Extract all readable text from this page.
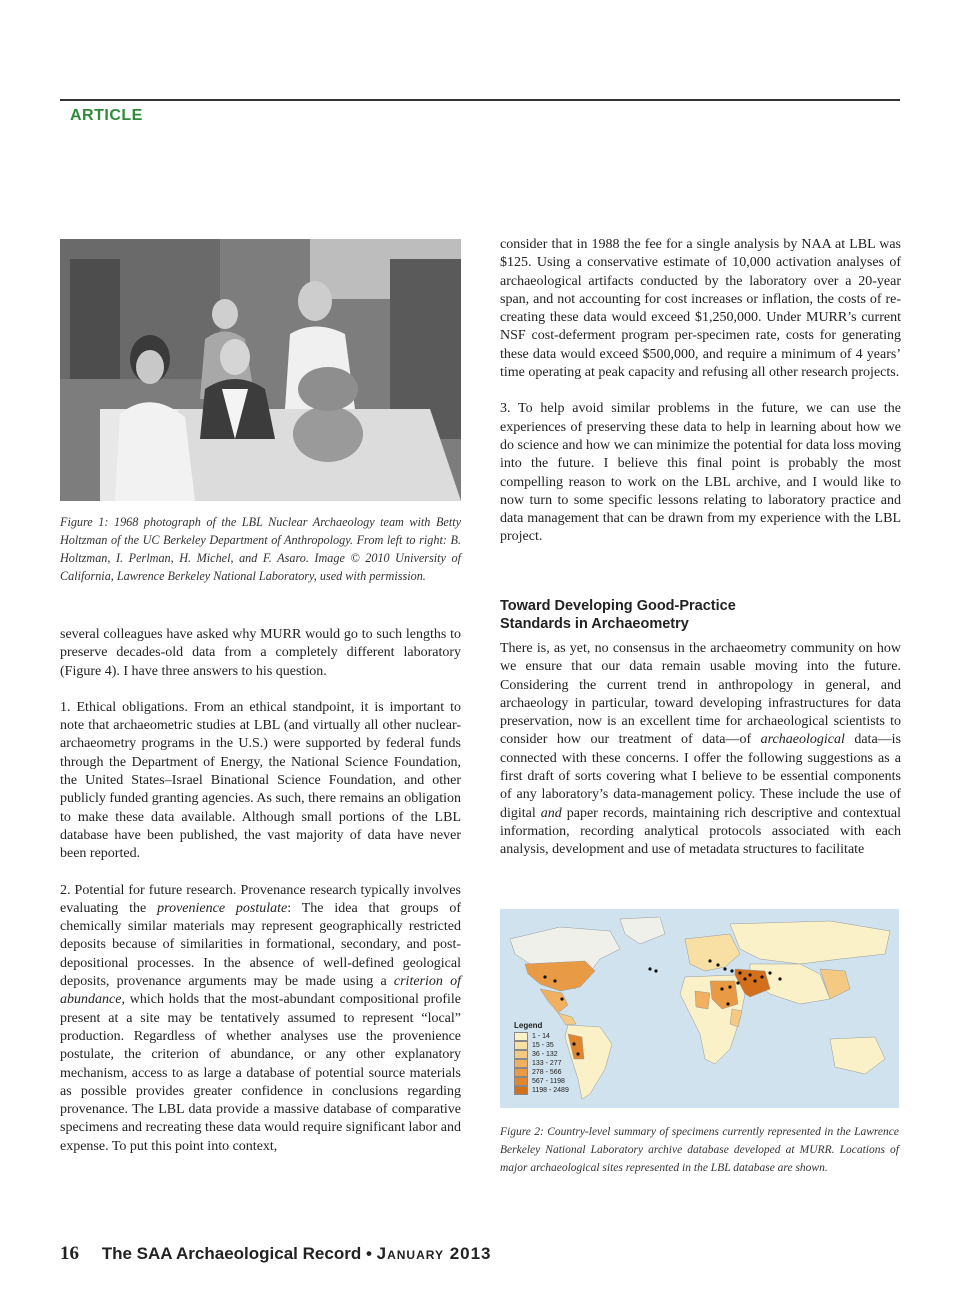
ARTICLE
Figure 1: 1968 photograph of the LBL Nuclear Archaeology team with Betty Holtzman of the UC Berkeley Department of Anthropology. From left to right: B. Holtzman, I. Perlman, H. Michel, and F. Asaro. Image © 2010 University of California, Lawrence Berkeley National Laboratory, used with permission.

several colleagues have asked why MURR would go to such lengths to preserve decades-old data from a completely different laboratory (Figure 4). I have three answers to his question.

1. Ethical obligations. From an ethical standpoint, it is important to note that archaeometric studies at LBL (and virtually all other nuclear-archaeometry programs in the U.S.) were supported by federal funds through the Department of Energy, the National Science Foundation, the United States–Israel Binational Science Foundation, and other publicly funded granting agencies. As such, there remains an obligation to make these data available. Although small portions of the LBL database have been published, the vast majority of data have never been reported.

2. Potential for future research. Provenance research typically involves evaluating the provenience postulate: The idea that groups of chemically similar materials may represent geographically restricted deposits because of similarities in formational, secondary, and post-depositional processes. In the absence of well-defined geological deposits, provenance arguments may be made using a criterion of abundance, which holds that the most-abundant compositional profile present at a site may be tentatively assumed to represent “local” production. Regardless of whether analyses use the provenience postulate, the criterion of abundance, or any other explanatory mechanism, access to as large a database of potential source materials as possible provides greater confidence in conclusions regarding provenance. The LBL data provide a massive database of comparative specimens and recreating these data would require significant labor and expense. To put this point into context,

consider that in 1988 the fee for a single analysis by NAA at LBL was $125. Using a conservative estimate of 10,000 activation analyses of archaeological artifacts conducted by the laboratory over a 20-year span, and not accounting for cost increases or inflation, the costs of re-creating these data would exceed $1,250,000. Under MURR’s current NSF cost-deferment program per-specimen rate, costs for generating these data would exceed $500,000, and require a minimum of 4 years’ time operating at peak capacity and refusing all other research projects.

3. To help avoid similar problems in the future, we can use the experiences of preserving these data to help in learning about how we do science and how we can minimize the potential for data loss moving into the future. I believe this final point is probably the most compelling reason to work on the LBL archive, and I would like to now turn to some specific lessons relating to laboratory practice and data management that can be drawn from my experience with the LBL project.

Toward Developing Good-Practice
Standards in Archaeometry

There is, as yet, no consensus in the archaeometry community on how we ensure that our data remain usable moving into the future. Considering the current trend in anthropology in general, and archaeology in particular, toward developing infrastructures for data preservation, now is an excellent time for archaeological scientists to consider how our treatment of data—of archaeological data—is connected with these concerns. I offer the following suggestions as a first draft of sorts covering what I believe to be essential components of any laboratory’s data-management policy. These include the use of digital and paper records, maintaining rich descriptive and contextual information, recording analytical protocols associated with each analysis, development and use of metadata structures to facilitate

Legend
1 - 14
15 - 35
36 - 132
133 - 277
278 - 566
567 - 1198
1198 - 2489
Figure 2: Country-level summary of specimens currently represented in the Lawrence Berkeley National Laboratory archive database developed at MURR. Locations of major archaeological sites represented in the LBL database are shown.
16 The SAA Archaeological Record • January 2013
